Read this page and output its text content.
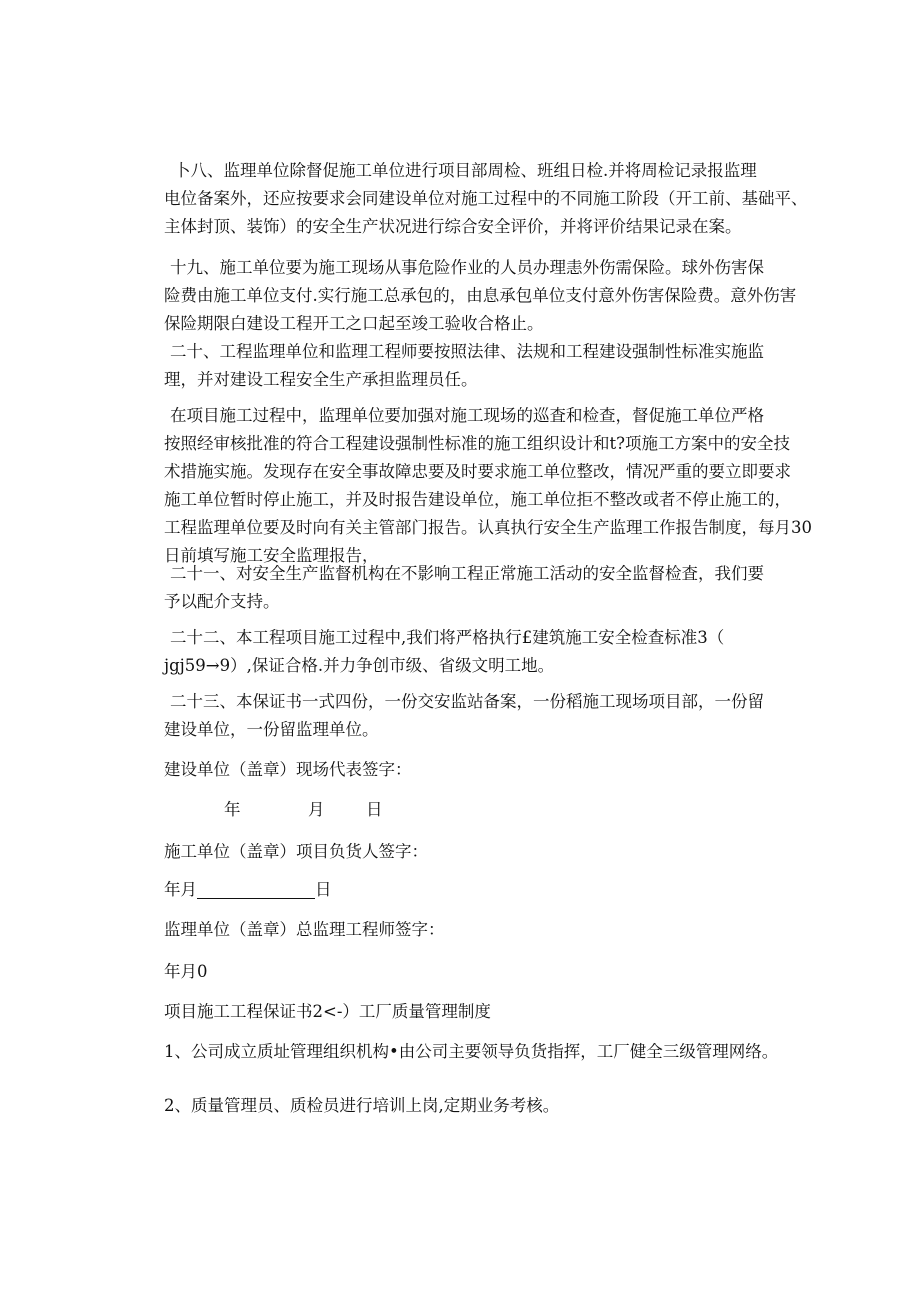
卜八、监理单位除督促施工单位进行项目部周检、班组日检.并将周检记录报监理
电位备案外，还应按要求会同建设单位对施工过程中的不同施工阶段（开工前、基础平、
主体封顶、装饰）的安全生产状况进行综合安全评价，并将评价结果记录在案。
十九、施工单位要为施工现场从事危险作业的人员办理恚外伤需保险。球外伤害保
险费由施工单位支付.实行施工总承包的，由息承包单位支付意外伤害保险费。意外伤害
保险期限白建设工程开工之口起至竣工验收合格止。
二十、工程监理单位和监理工程师要按照法律、法规和工程建设强制性标准实施监
理，并对建设工程安全生产承担监理员任。
在项目施工过程中，监理单位要加强对施工现场的巡査和检查，督促施工单位严格
按照经审核批准的符合工程建设强制性标准的施工组织设计和t?项施工方案中的安全技
术措施实施。发现存在安全事故障忠要及时要求施工单位整改，情况严重的要立即要求
施工单位暂时停止施工，并及时报告建设单位，施工单位拒不整改或者不停止施工的，
工程监理单位要及时向有关主管部门报告。认真执行安全生产监理工作报告制度，每月30
日前填写施工安全监理报告，
二十一、对安全生产监督机构在不影响工程正常施工活动的安全监督检査，我们要
予以配介支持。
二十二、本工程项目施工过程中,我们将严格执行£建筑施工安全检查标准3（
jgj59→9）,保证合格.并力争创市级、省级文明工地。
二十三、本保证书一式四份，一份交安监站备案，一份稻施工现场项目部，一份留
建设单位，一份留监理单位。

建设单位（盖章）现场代表签字：

年	月	日

施工单位（盖章）项目负货人签字：

年月	日

监理单位（盖章）总监理工程师签字：

年月0

项目施工工程保证书2<-）工厂质量管理制度

1、公司成立质址管理组织机构•由公司主要领导负货指挥，工厂健全三级管理网络。

2、质量管理员、质检员进行培训上岗,定期业务考核。
